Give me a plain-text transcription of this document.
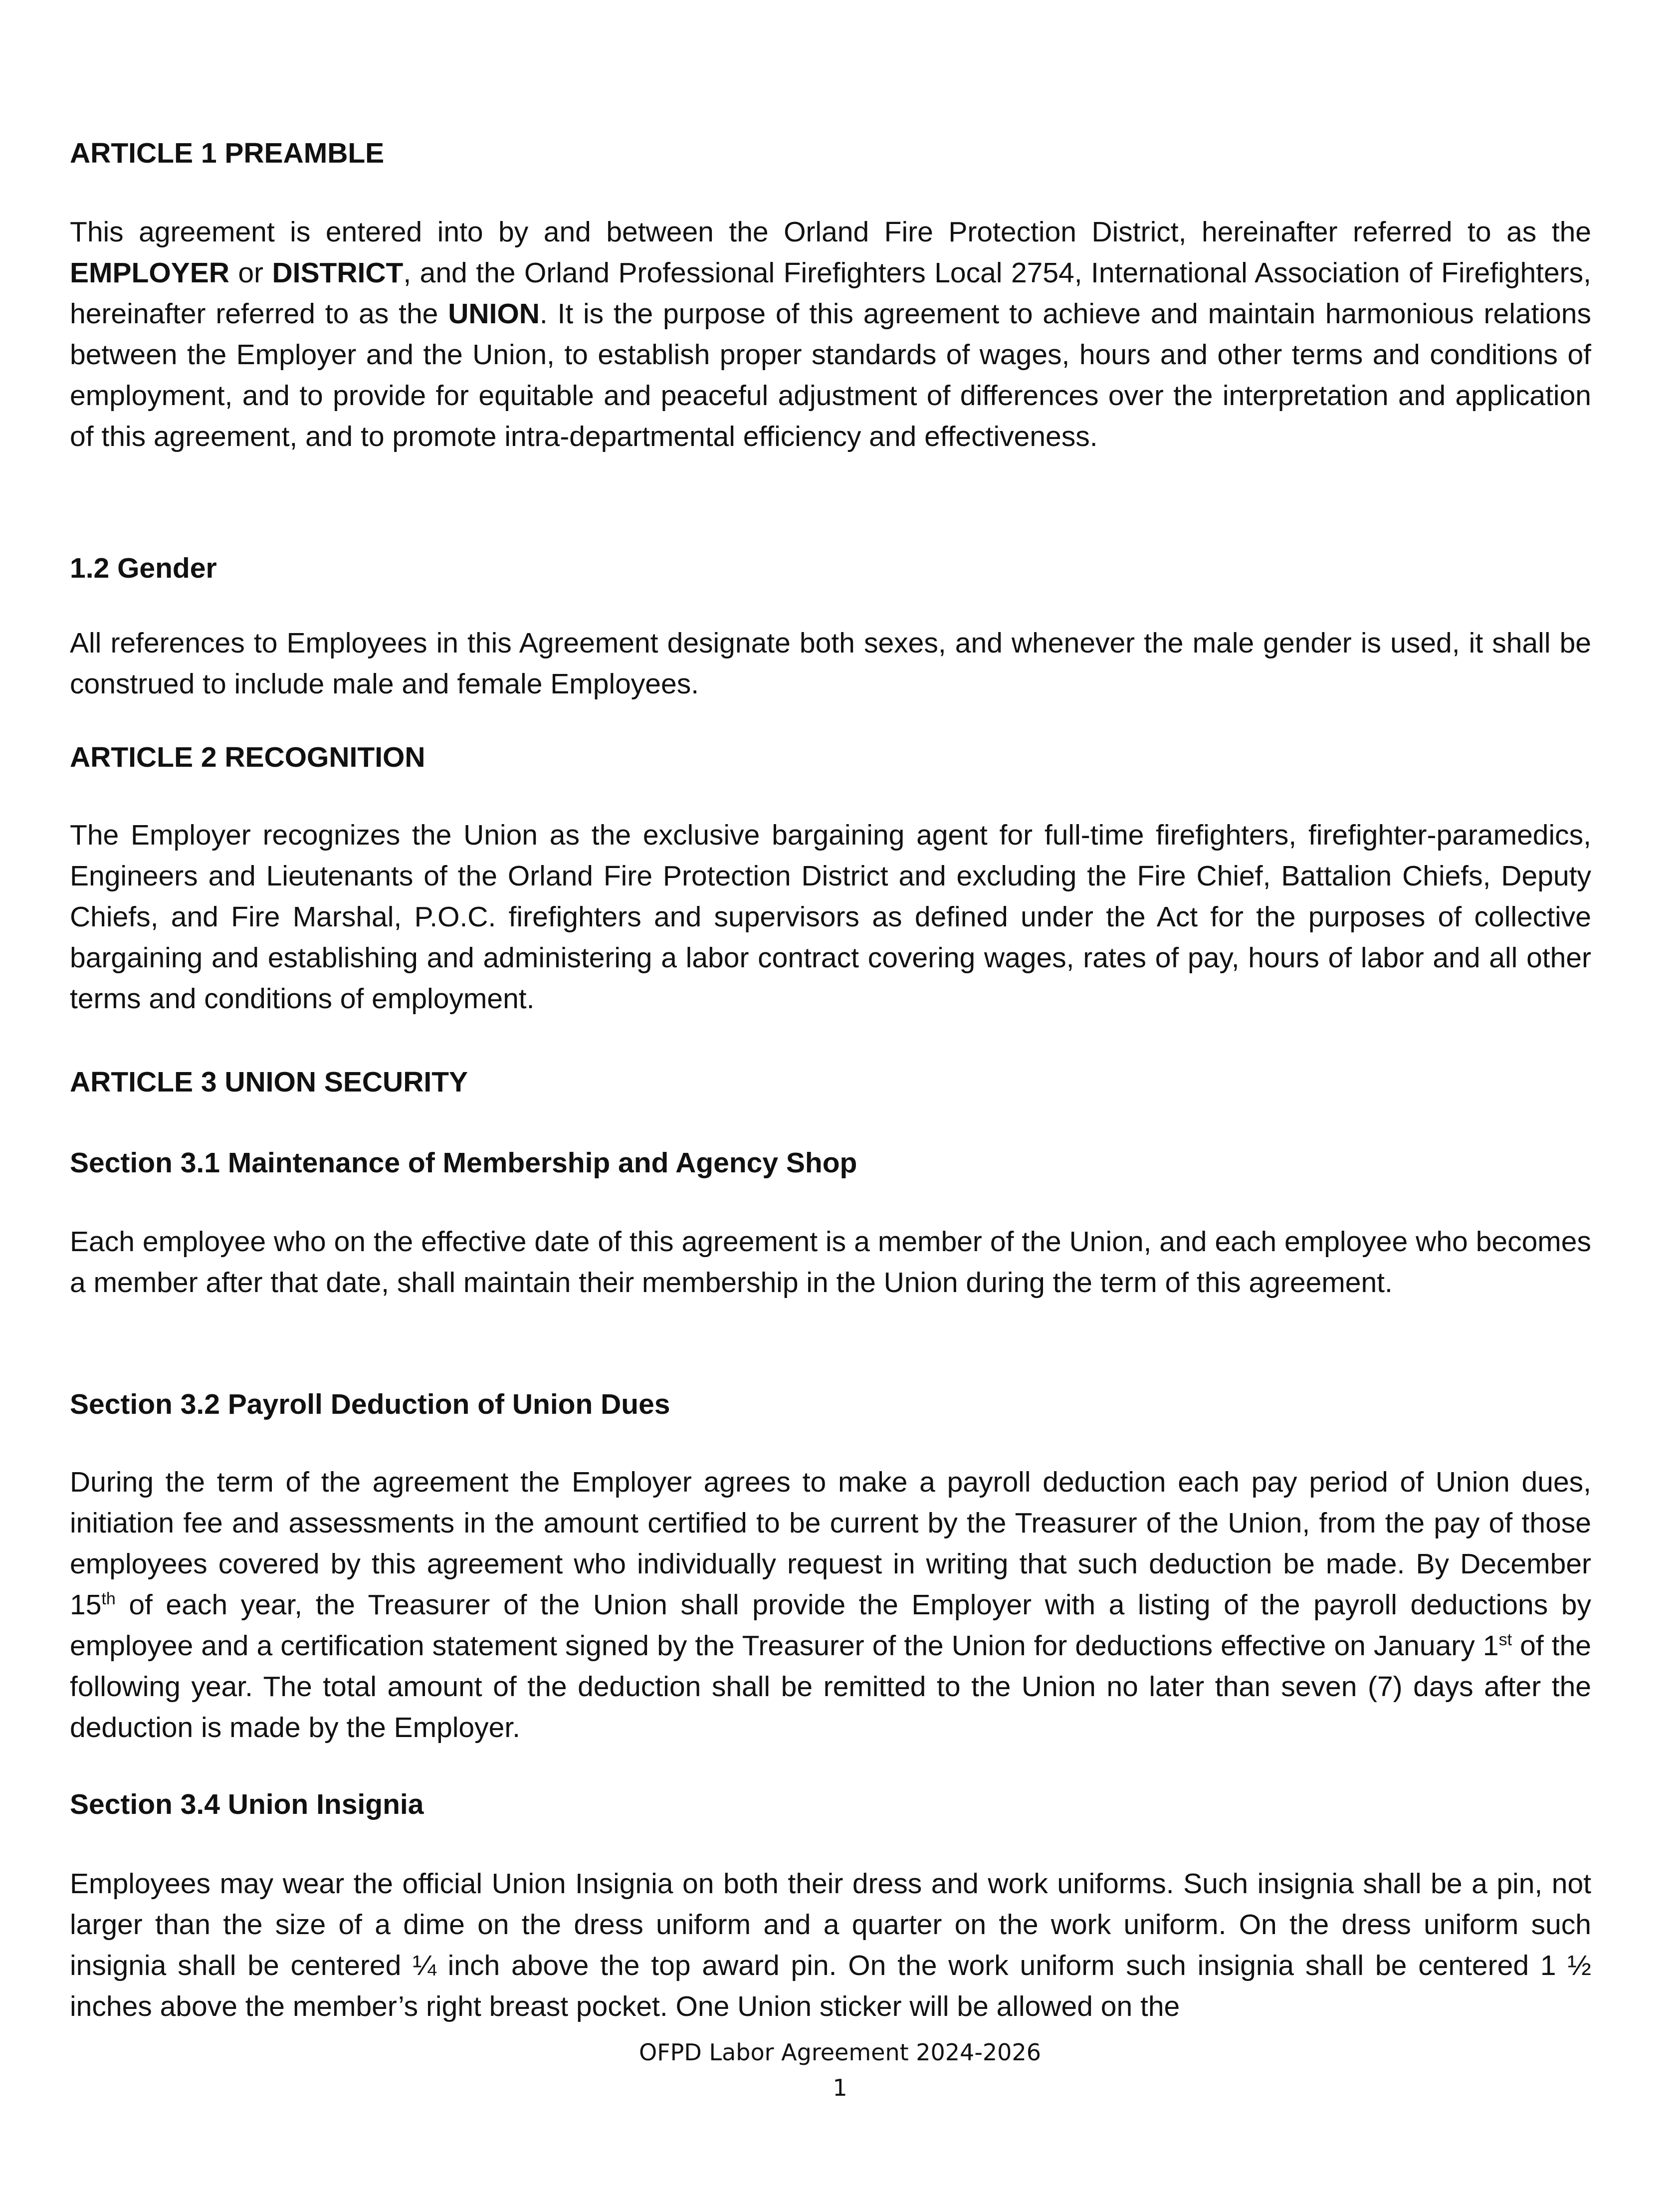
ARTICLE 1 PREAMBLE
This agreement is entered into by and between the Orland Fire Protection District, hereinafter referred to as the EMPLOYER or DISTRICT, and the Orland Professional Firefighters Local 2754, International Association of Firefighters, hereinafter referred to as the UNION. It is the purpose of this agreement to achieve and maintain harmonious relations between the Employer and the Union, to establish proper standards of wages, hours and other terms and conditions of employment, and to provide for equitable and peaceful adjustment of differences over the interpretation and application of this agreement, and to promote intra-departmental efficiency and effectiveness.
1.2 Gender
All references to Employees in this Agreement designate both sexes, and whenever the male gender is used, it shall be construed to include male and female Employees.
ARTICLE 2 RECOGNITION
The Employer recognizes the Union as the exclusive bargaining agent for full-time firefighters, firefighter-paramedics, Engineers and Lieutenants of the Orland Fire Protection District and excluding the Fire Chief, Battalion Chiefs, Deputy Chiefs, and Fire Marshal, P.O.C. firefighters and supervisors as defined under the Act for the purposes of collective bargaining and establishing and administering a labor contract covering wages, rates of pay, hours of labor and all other terms and conditions of employment.
ARTICLE 3 UNION SECURITY
Section 3.1 Maintenance of Membership and Agency Shop
Each employee who on the effective date of this agreement is a member of the Union, and each employee who becomes a member after that date, shall maintain their membership in the Union during the term of this agreement.
Section 3.2 Payroll Deduction of Union Dues
During the term of the agreement the Employer agrees to make a payroll deduction each pay period of Union dues, initiation fee and assessments in the amount certified to be current by the Treasurer of the Union, from the pay of those employees covered by this agreement who individually request in writing that such deduction be made. By December 15th of each year, the Treasurer of the Union shall provide the Employer with a listing of the payroll deductions by employee and a certification statement signed by the Treasurer of the Union for deductions effective on January 1st of the following year. The total amount of the deduction shall be remitted to the Union no later than seven (7) days after the deduction is made by the Employer.
Section 3.4 Union Insignia
Employees may wear the official Union Insignia on both their dress and work uniforms. Such insignia shall be a pin, not larger than the size of a dime on the dress uniform and a quarter on the work uniform. On the dress uniform such insignia shall be centered ¼ inch above the top award pin. On the work uniform such insignia shall be centered 1 ½ inches above the member’s right breast pocket. One Union sticker will be allowed on the
OFPD Labor Agreement 2024-2026
1
